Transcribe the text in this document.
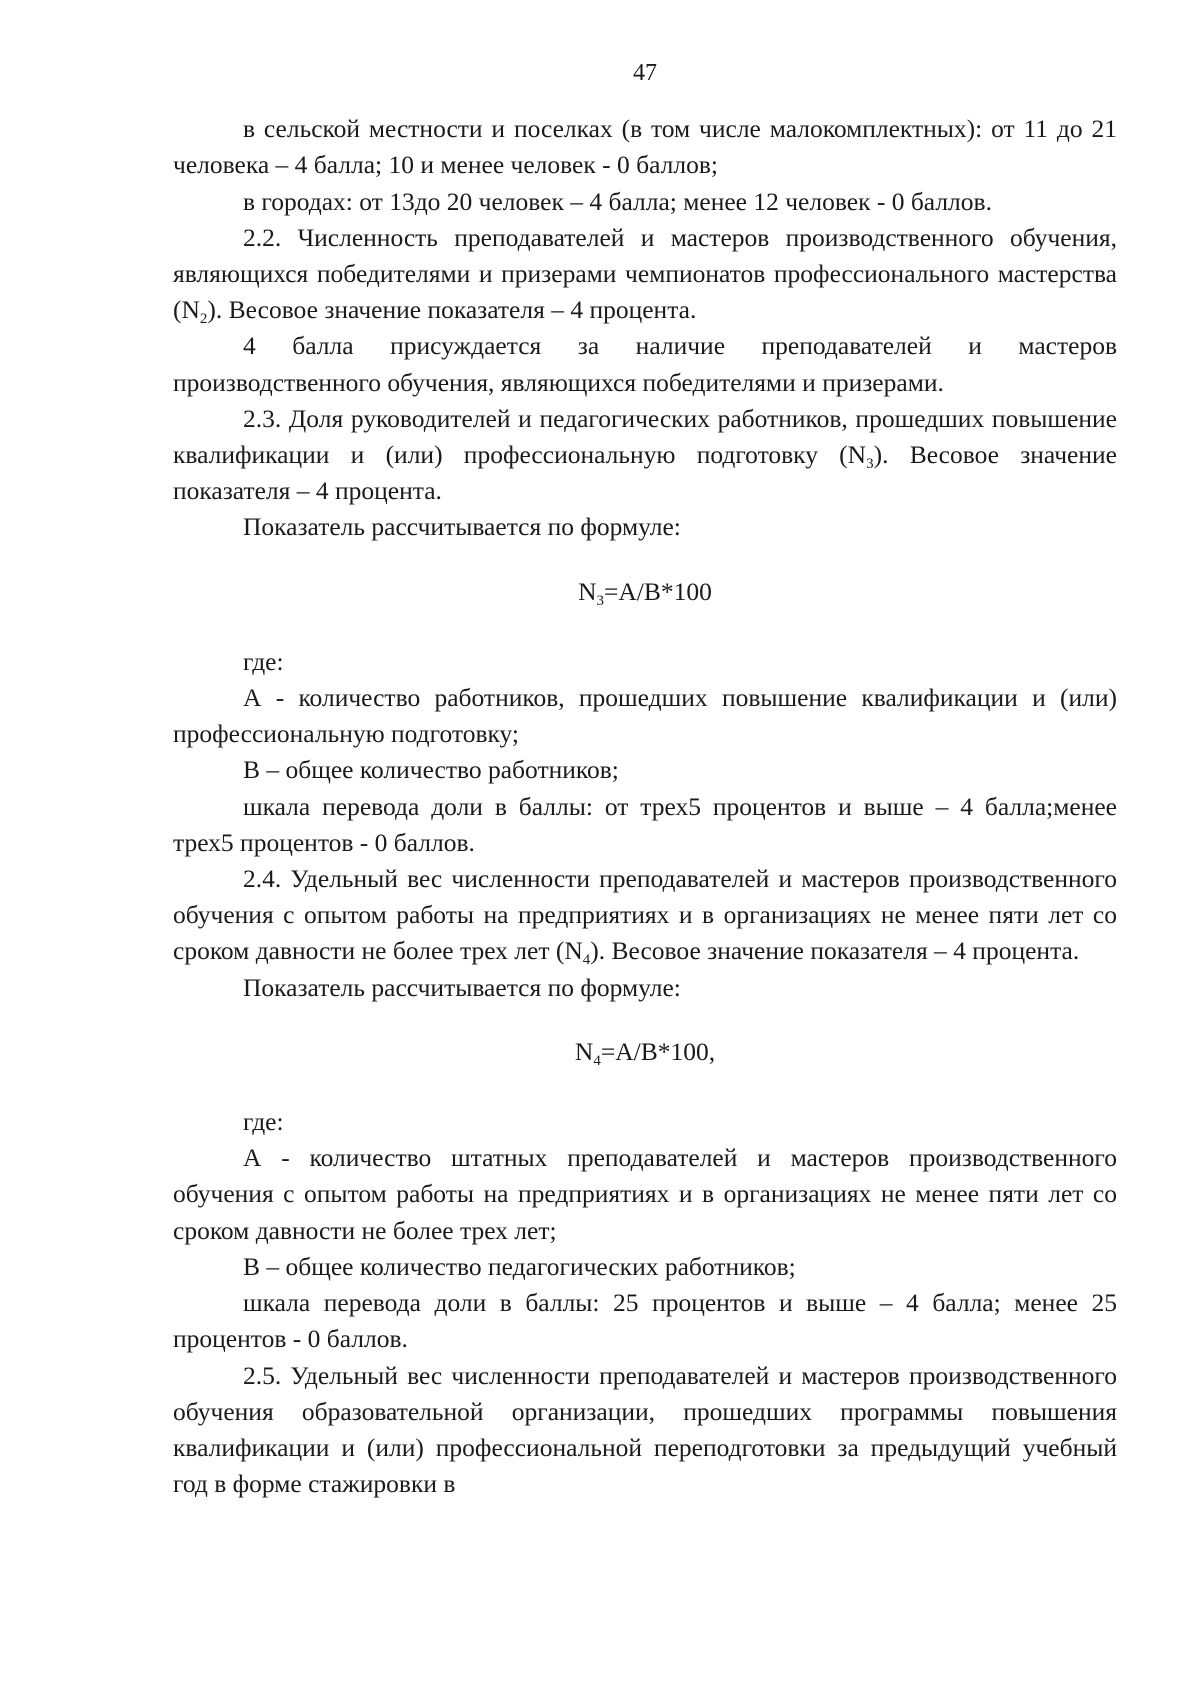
47

в сельской местности и поселках (в том числе малокомплектных): от 11 до 21 человека – 4 балла; 10 и менее человек - 0 баллов;

в городах: от 13до 20 человек – 4 балла; менее 12 человек - 0 баллов.

2.2. Численность преподавателей и мастеров производственного обучения, являющихся победителями и призерами чемпионатов профессионального мастерства $(N_2)$. Весовое значение показателя – 4 процента.

4 балла присуждается за наличие преподавателей и мастеров производственного обучения, являющихся победителями и призерами.

2.3. Доля руководителей и педагогических работников, прошедших повышение квалификации и (или) профессиональную подготовку $(N_3)$. Весовое значение показателя – 4 процента.

Показатель рассчитывается по формуле:

$N_3=A/B*100$

где:

А - количество работников, прошедших повышение квалификации и (или) профессиональную подготовку;

В – общее количество работников;

шкала перевода доли в баллы: от трех5 процентов и выше – 4 балла;менее трех5 процентов - 0 баллов.

2.4. Удельный вес численности преподавателей и мастеров производственного обучения с опытом работы на предприятиях и в организациях не менее пяти лет со сроком давности не более трех лет $(N_4)$. Весовое значение показателя – 4 процента.

Показатель рассчитывается по формуле:

$N_4=A/B*100$,

где:

А - количество штатных преподавателей и мастеров производственного обучения с опытом работы на предприятиях и в организациях не менее пяти лет со сроком давности не более трех лет;

В – общее количество педагогических работников;

шкала перевода доли в баллы: 25 процентов и выше – 4 балла; менее 25 процентов - 0 баллов.

2.5. Удельный вес численности преподавателей и мастеров производственного обучения образовательной организации, прошедших программы повышения квалификации и (или) профессиональной переподготовки за предыдущий учебный год в форме стажировки в
